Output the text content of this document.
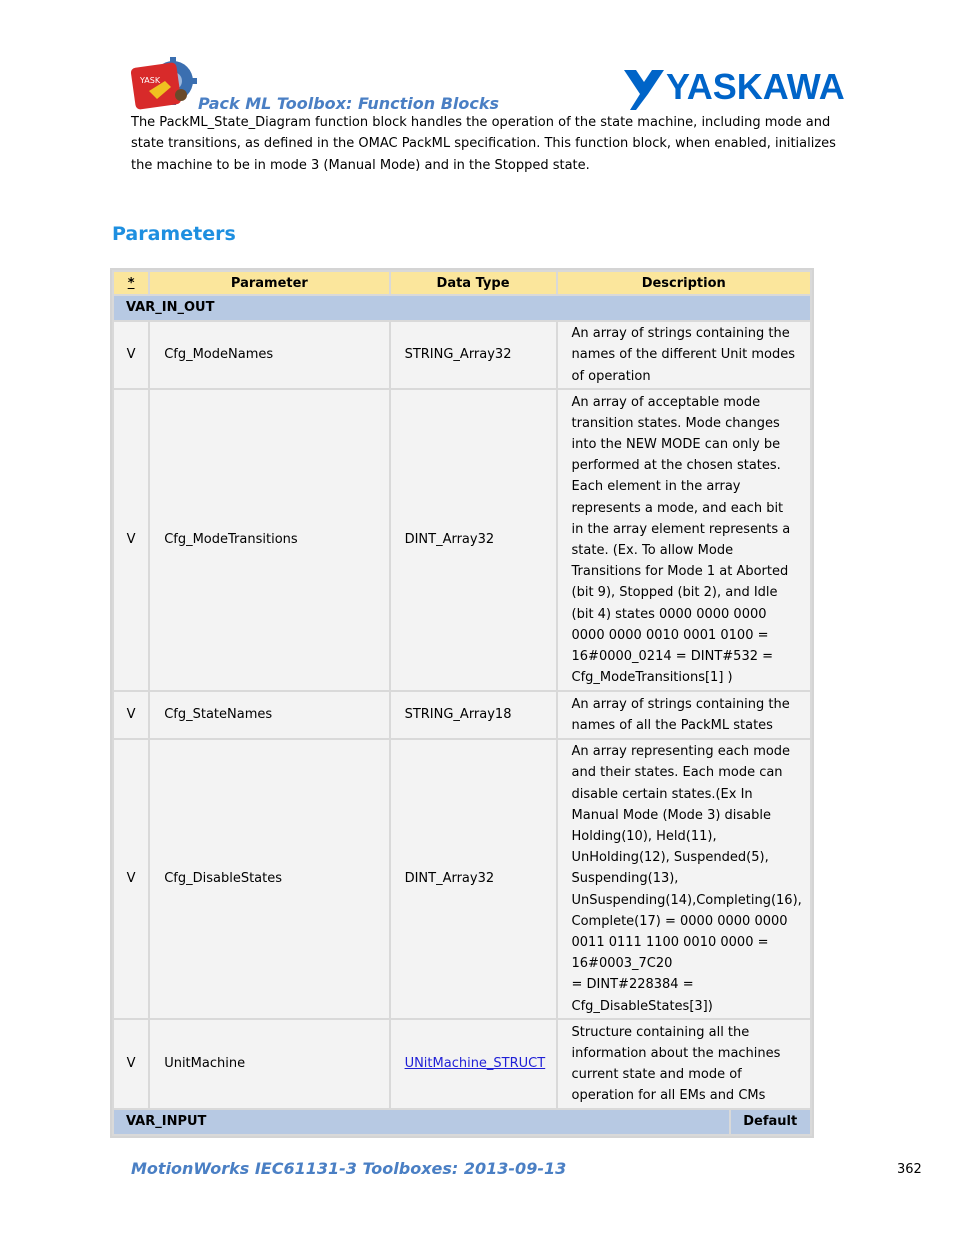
YASK
Pack ML Toolbox: Function Blocks	YASKAWA
The PackML_State_Diagram function block handles the operation of the state machine, including mode and state transitions, as defined in the OMAC PackML specification. This function block, when enabled, initializes the machine to be in mode 3 (Manual Mode) and in the Stopped state.
Parameters
*	Parameter	Data Type	Description	
VAR_IN_OUT				
V	Cfg_ModeNames	STRING_Array32	An array of strings containing the names of the different Unit modes of operation	
V	Cfg_ModeTransitions	DINT_Array32	An array of acceptable mode transition states. Mode changes into the NEW MODE can only be performed at the chosen states. Each element in the array represents a mode, and each bit in the array element represents a state. (Ex. To allow Mode Transitions for Mode 1 at Aborted (bit 9), Stopped (bit 2), and Idle (bit 4) states 0000 0000 0000 0000 0000 0010 0001 0100 = 16#0000_0214 = DINT#532 = Cfg_ModeTransitions[1] )	
V	Cfg_StateNames	STRING_Array18	An array of strings containing the names of all the PackML states	
V	Cfg_DisableStates	DINT_Array32	An array representing each mode and their states. Each mode can disable certain states.(Ex In Manual Mode (Mode 3) disable Holding(10), Held(11), UnHolding(12), Suspended(5), Suspending(13), UnSuspending(14),Completing(16), Complete(17) = 0000 0000 0000 0011 0111 1100 0010 0000 = 16#0003_7C20
= DINT#228384 = Cfg_DisableStates[3])	

V	UnitMachine	UNitMachine_STRUCT	Structure containing all the information about the machines current state and mode of operation for all EMs and CMs	
VAR_INPUT				Default
MotionWorks IEC61131-3 Toolboxes: 2013-09-13	362
